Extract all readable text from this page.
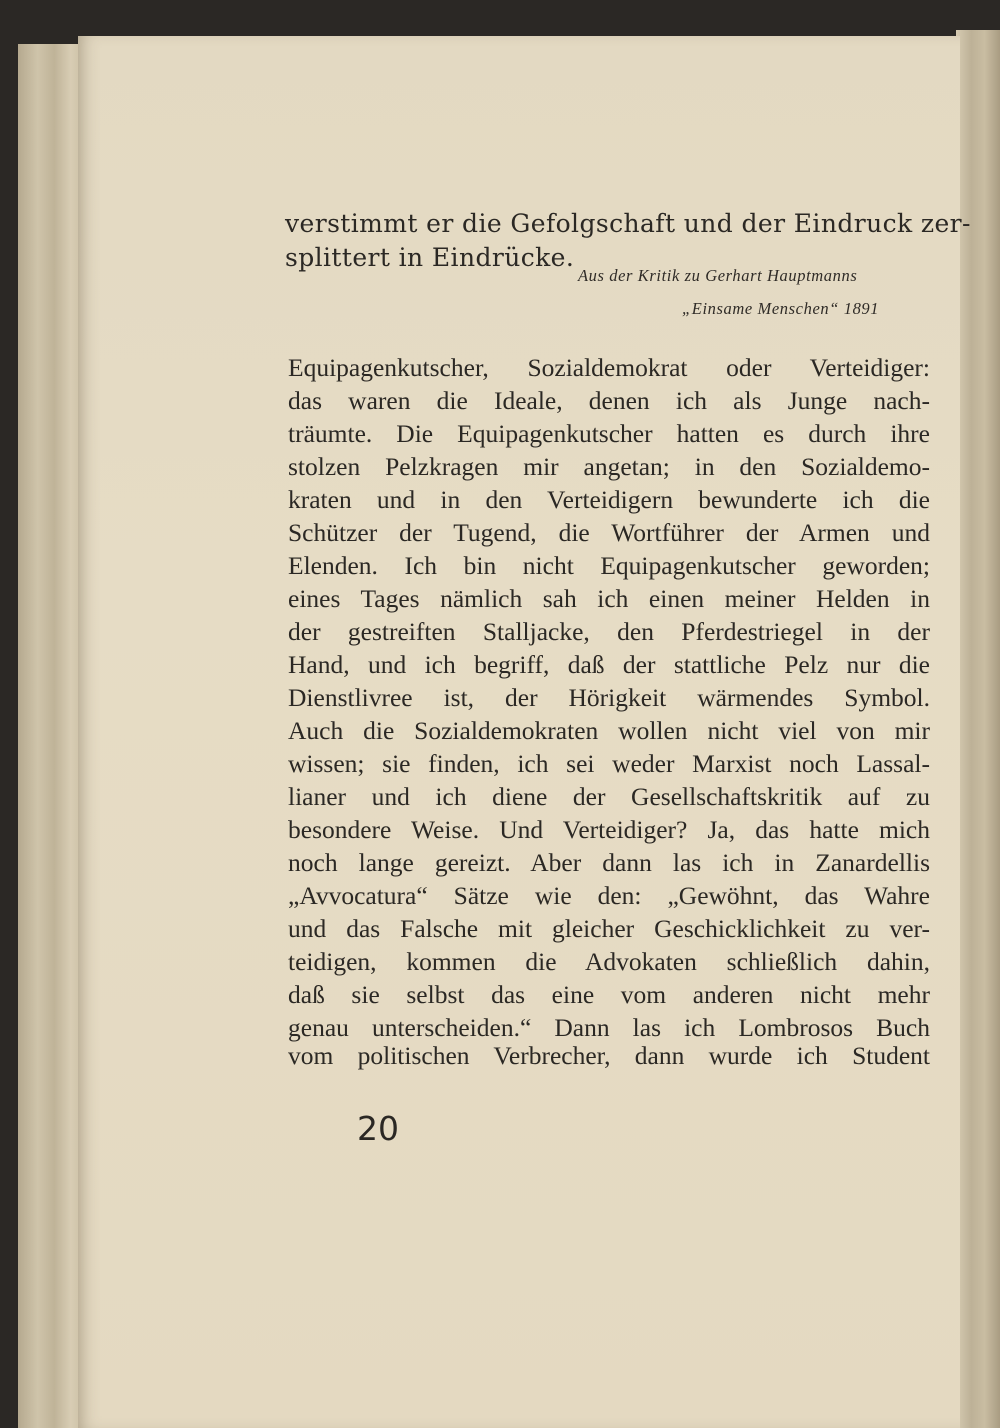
verstimmt er die Gefolgschaft und der Eindruck zer-
splittert in Eindrücke.
Aus der Kritik zu Gerhart Hauptmanns
„Einsame Menschen“ 1891
Equipagenkutscher, Sozialdemokrat oder Verteidiger:
das waren die Ideale, denen ich als Junge nach-
träumte. Die Equipagenkutscher hatten es durch ihre
stolzen Pelzkragen mir angetan; in den Sozialdemo-
kraten und in den Verteidigern bewunderte ich die
Schützer der Tugend, die Wortführer der Armen und
Elenden. Ich bin nicht Equipagenkutscher geworden;
eines Tages nämlich sah ich einen meiner Helden in
der gestreiften Stalljacke, den Pferdestriegel in der
Hand, und ich begriff, daß der stattliche Pelz nur die
Dienstlivree ist, der Hörigkeit wärmendes Symbol.
Auch die Sozialdemokraten wollen nicht viel von mir
wissen; sie finden, ich sei weder Marxist noch Lassal-
lianer und ich diene der Gesellschaftskritik auf zu
besondere Weise. Und Verteidiger? Ja, das hatte mich
noch lange gereizt. Aber dann las ich in Zanardellis
„Avvocatura“ Sätze wie den: „Gewöhnt, das Wahre
und das Falsche mit gleicher Geschicklichkeit zu ver-
teidigen, kommen die Advokaten schließlich dahin,
daß sie selbst das eine vom anderen nicht mehr
genau unterscheiden.“ Dann las ich Lombrosos Buch
vom politischen Verbrecher, dann wurde ich Student
20
